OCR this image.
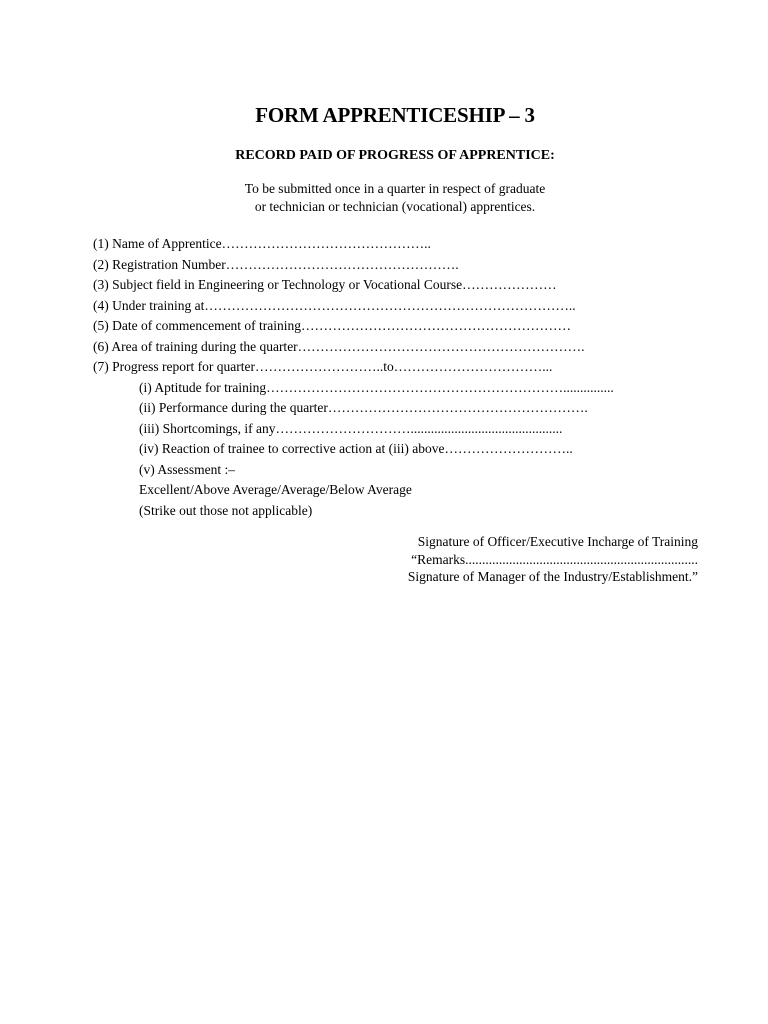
FORM APPRENTICESHIP – 3
RECORD PAID OF PROGRESS OF APPRENTICE:
To be submitted once in a quarter in respect of graduate
or technician or technician (vocational) apprentices.
(1) Name of Apprentice………………………………………..
(2) Registration Number…………………………………………….
(3) Subject field in Engineering or Technology or Vocational Course…………………
(4) Under training at………………………………………………………………………..
(5) Date of commencement of training……………………………………………………
(6) Area of training during the quarter……………………………………………………….
(7) Progress report for quarter………………………..to……………………………...
(i) Aptitude for training…………………………………………………………...............
(ii) Performance during the quarter………………………………………………….
(iii) Shortcomings, if any………………………….............................................
(iv) Reaction of trainee to corrective action at (iii) above………………………..
(v) Assessment :–
Excellent/Above Average/Average/Below Average
(Strike out those not applicable)
Signature of Officer/Executive Incharge of Training
“Remarks.....................................................................
Signature of Manager of the Industry/Establishment.”
